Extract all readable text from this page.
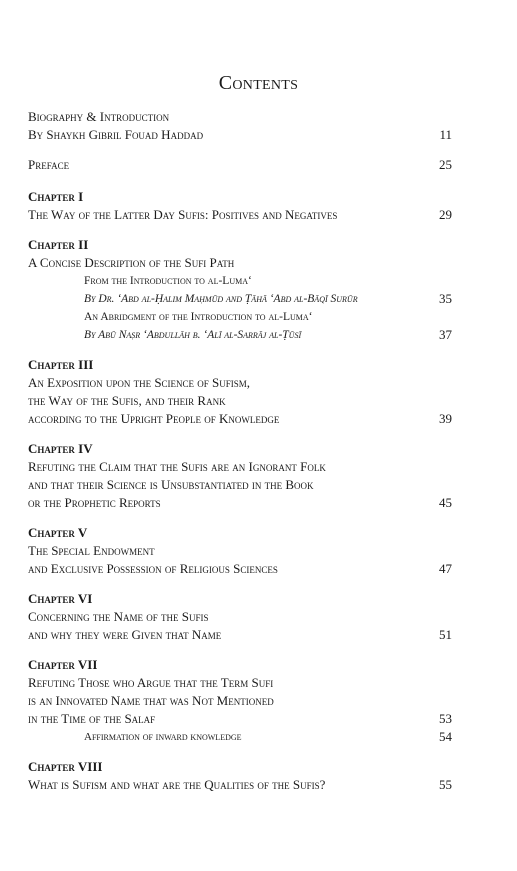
Contents
Biography & Introduction
By Shaykh Gibril Fouad Haddad	11
Preface	25
Chapter I
The Way of the Latter Day Sufis: Positives and Negatives	29
Chapter II
A Concise Description of the Sufi Path
From the Introduction to al-Luma‘
By Dr. ‘Abd al-Ḥalim Maḥmūd and Ṭāhā ‘Abd al-Bāqī Surūr	35
An Abridgment of the Introduction to al-Luma‘
By Abū Naṣr ‘Abdullāh b. ‘Alī al-Sarrāj al-Ṭūsī	37
Chapter III
An Exposition upon the Science of Sufism,
the Way of the Sufis, and their Rank
according to the Upright People of Knowledge	39
Chapter IV
Refuting the Claim that the Sufis are an Ignorant Folk
and that their Science is Unsubstantiated in the Book
or the Prophetic Reports	45
Chapter V
The Special Endowment
and Exclusive Possession of Religious Sciences	47
Chapter VI
Concerning the Name of the Sufis
and why they were Given that Name	51
Chapter VII
Refuting Those who Argue that the Term Sufi
is an Innovated Name that was Not Mentioned
in the Time of the Salaf	53
Affirmation of inward knowledge	54
Chapter VIII
What is Sufism and what are the Qualities of the Sufis?	55
